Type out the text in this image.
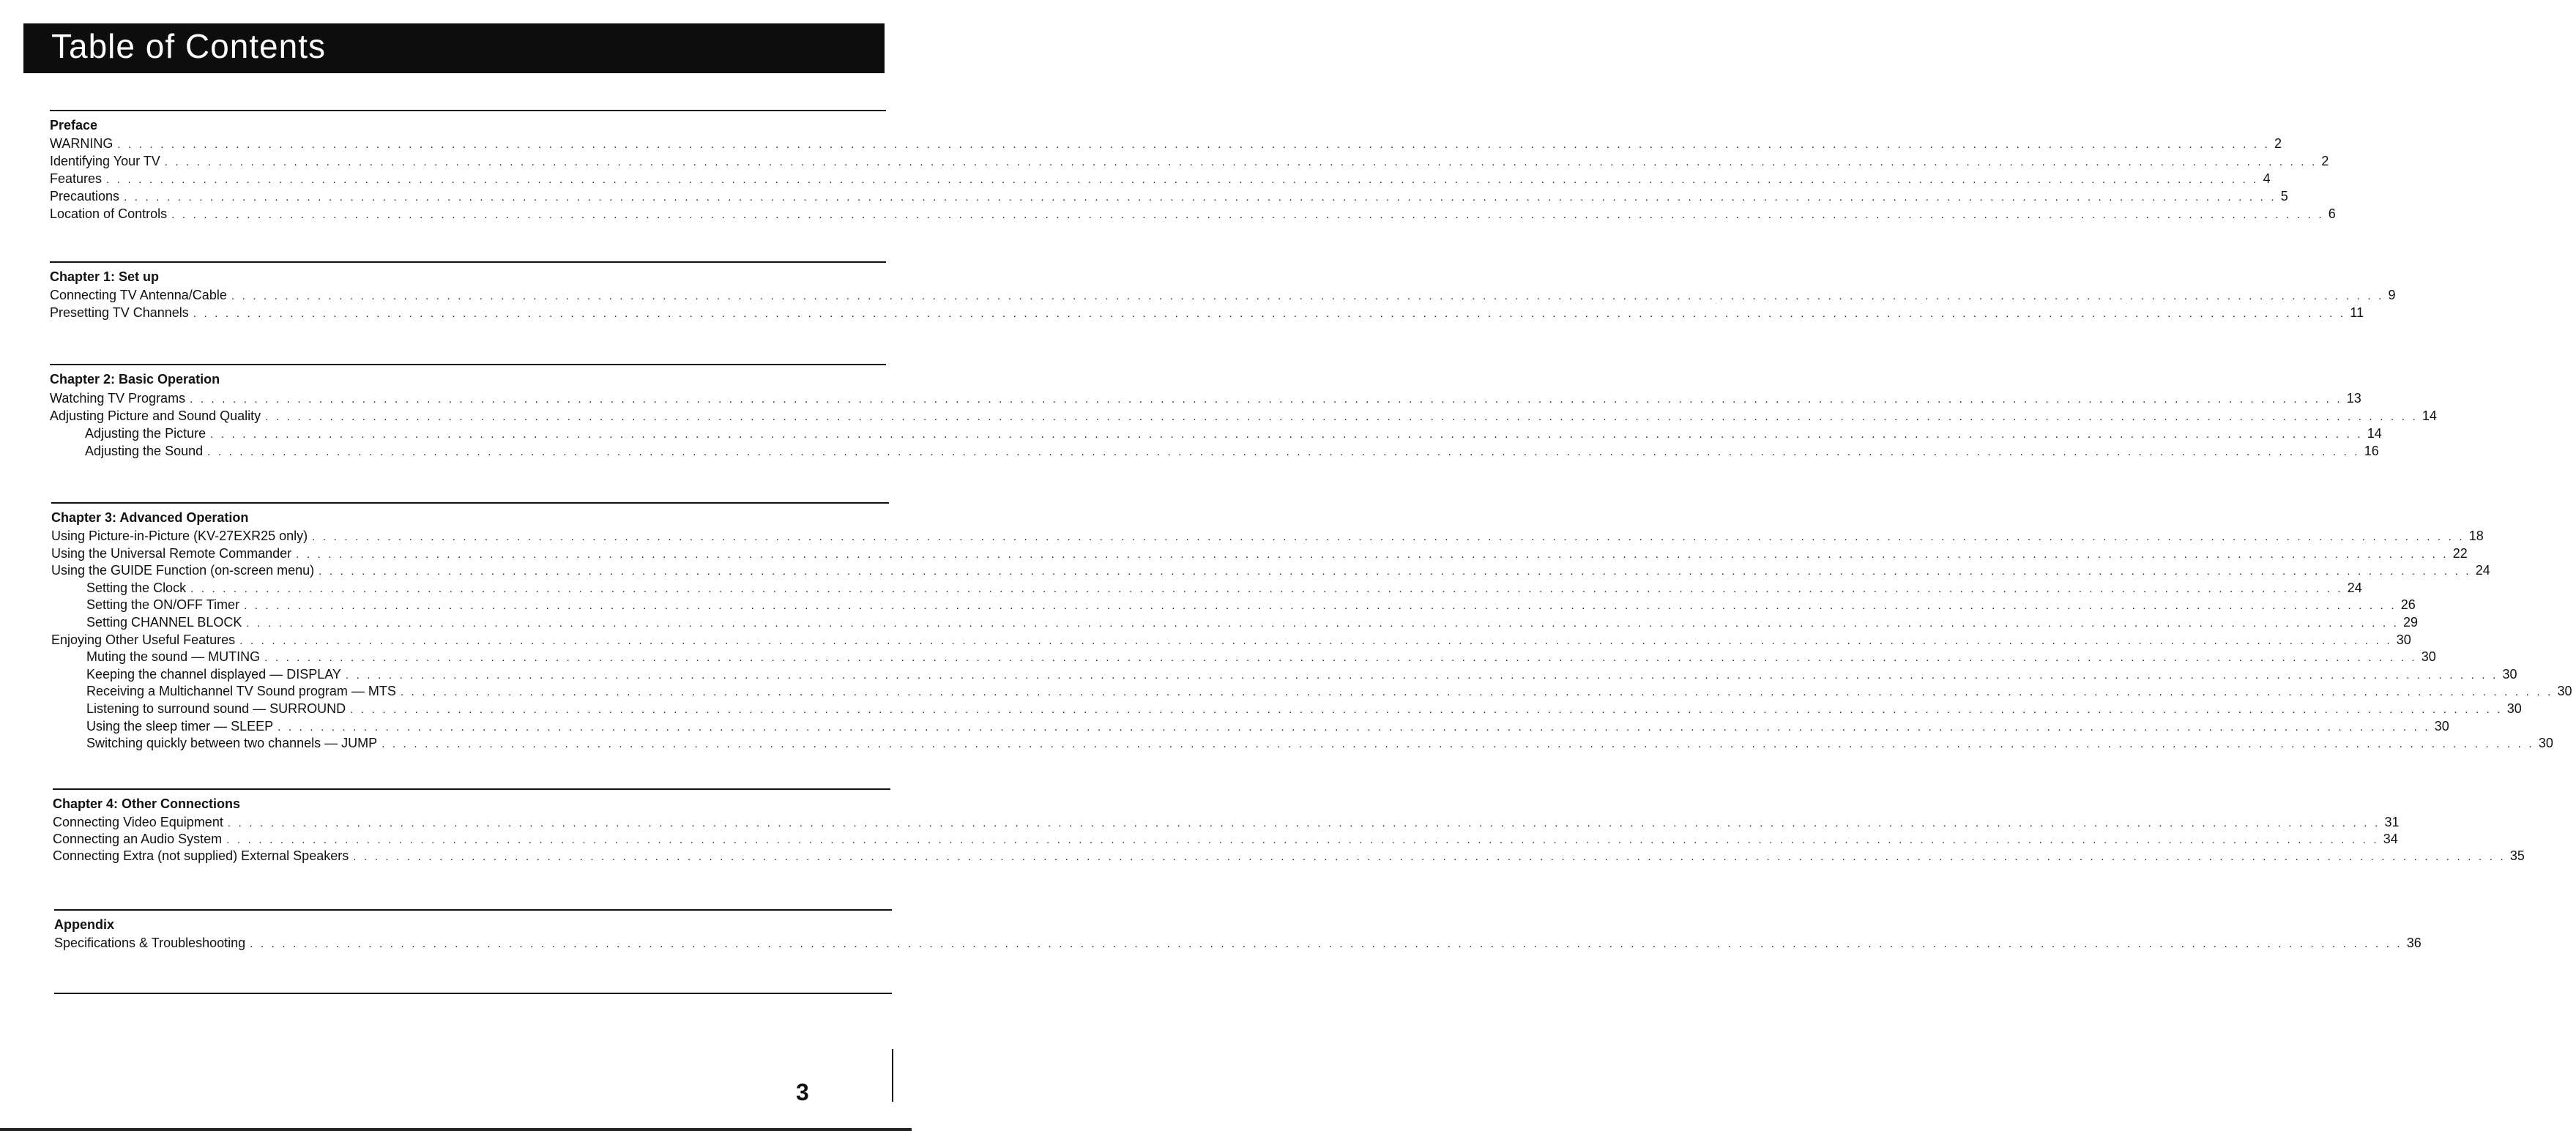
Table of Contents
Preface
WARNING . . . . . . . . . . . . . . . . . . . . . . . . . . . . . . . . . . . . . . . . . . . . . . . . . . . . . . . . . . . . . . . . . . . . . . . . . . . . . . . . . . . . . . . . . . . . . . . . . . . . . . . . . . . . . . . . . . . . . . . . . . . . . . . . . . . . . . . . . . . . . . . . . . . . . . . . . . . . . . . . . . . . . . . . . . . . . . . . . . . . . . . . . . . . . . . . . . . . . . . . 2
Identifying Your TV . . . . . . . . . . . . . . . . . . . . . . . . . . . . . . . . . . . . . . . . . . . . . . . . . . . . . . . . . . . . . . . . . . . . . . . . . . . . . . . . . . . . . . . . . . . . . . . . . . . . . . . . . . . . . . . . . . . . . . . . . . . . . . . . . . . . . . . . . . . . . . . . . . . . . . . . . . . . . . . . . . . . . . . . . . . . . . . . . . . . . . . . . . . . . . . . . . . . . . . . 2
Features . . . . . . . . . . . . . . . . . . . . . . . . . . . . . . . . . . . . . . . . . . . . . . . . . . . . . . . . . . . . . . . . . . . . . . . . . . . . . . . . . . . . . . . . . . . . . . . . . . . . . . . . . . . . . . . . . . . . . . . . . . . . . . . . . . . . . . . . . . . . . . . . . . . . . . . . . . . . . . . . . . . . . . . . . . . . . . . . . . . . . . . . . . . . . . . . . . . . . . . . 4
Precautions . . . . . . . . . . . . . . . . . . . . . . . . . . . . . . . . . . . . . . . . . . . . . . . . . . . . . . . . . . . . . . . . . . . . . . . . . . . . . . . . . . . . . . . . . . . . . . . . . . . . . . . . . . . . . . . . . . . . . . . . . . . . . . . . . . . . . . . . . . . . . . . . . . . . . . . . . . . . . . . . . . . . . . . . . . . . . . . . . . . . . . . . . . . . . . . . . . . . . . . . 5
Location of Controls . . . . . . . . . . . . . . . . . . . . . . . . . . . . . . . . . . . . . . . . . . . . . . . . . . . . . . . . . . . . . . . . . . . . . . . . . . . . . . . . . . . . . . . . . . . . . . . . . . . . . . . . . . . . . . . . . . . . . . . . . . . . . . . . . . . . . . . . . . . . . . . . . . . . . . . . . . . . . . . . . . . . . . . . . . . . . . . . . . . . . . . . . . . . . . . . . . . . . . . . 6
Chapter 1: Set up
Connecting TV Antenna/Cable . . . . . . . . . . . . . . . . . . . . . . . . . . . . . . . . . . . . . . . . . . . . . . . . . . . . . . . . . . . . . . . . . . . . . . . . . . . . . . . . . . . . . . . . . . . . . . . . . . . . . . . . . . . . . . . . . . . . . . . . . . . . . . . . . . . . . . . . . . . . . . . . . . . . . . . . . . . . . . . . . . . . . . . . . . . . . . . . . . . . . . . . . . . . . . . . . . . . . . . . 9
Presetting TV Channels . . . . . . . . . . . . . . . . . . . . . . . . . . . . . . . . . . . . . . . . . . . . . . . . . . . . . . . . . . . . . . . . . . . . . . . . . . . . . . . . . . . . . . . . . . . . . . . . . . . . . . . . . . . . . . . . . . . . . . . . . . . . . . . . . . . . . . . . . . . . . . . . . . . . . . . . . . . . . . . . . . . . . . . . . . . . . . . . . . . . . . . . . . . . . . . . . . . . . . . . 11
Chapter 2: Basic Operation
Watching TV Programs . . . . . . . . . . . . . . . . . . . . . . . . . . . . . . . . . . . . . . . . . . . . . . . . . . . . . . . . . . . . . . . . . . . . . . . . . . . . . . . . . . . . . . . . . . . . . . . . . . . . . . . . . . . . . . . . . . . . . . . . . . . . . . . . . . . . . . . . . . . . . . . . . . . . . . . . . . . . . . . . . . . . . . . . . . . . . . . . . . . . . . . . . . . . . . . . . . . . . . . . 13
Adjusting Picture and Sound Quality . . . . . . . . . . . . . . . . . . . . . . . . . . . . . . . . . . . . . . . . . . . . . . . . . . . . . . . . . . . . . . . . . . . . . . . . . . . . . . . . . . . . . . . . . . . . . . . . . . . . . . . . . . . . . . . . . . . . . . . . . . . . . . . . . . . . . . . . . . . . . . . . . . . . . . . . . . . . . . . . . . . . . . . . . . . . . . . . . . . . . . . . . . . . . . . . . . . . . . . . 14
Adjusting the Picture . . . . . . . . . . . . . . . . . . . . . . . . . . . . . . . . . . . . . . . . . . . . . . . . . . . . . . . . . . . . . . . . . . . . . . . . . . . . . . . . . . . . . . . . . . . . . . . . . . . . . . . . . . . . . . . . . . . . . . . . . . . . . . . . . . . . . . . . . . . . . . . . . . . . . . . . . . . . . . . . . . . . . . . . . . . . . . . . . . . . . . . . . . . . . . . . . . . . . . . . 14
Adjusting the Sound . . . . . . . . . . . . . . . . . . . . . . . . . . . . . . . . . . . . . . . . . . . . . . . . . . . . . . . . . . . . . . . . . . . . . . . . . . . . . . . . . . . . . . . . . . . . . . . . . . . . . . . . . . . . . . . . . . . . . . . . . . . . . . . . . . . . . . . . . . . . . . . . . . . . . . . . . . . . . . . . . . . . . . . . . . . . . . . . . . . . . . . . . . . . . . . . . . . . . . . . 16
Chapter 3: Advanced Operation
Using Picture-in-Picture (KV-27EXR25 only) . . . . . . . . . . . . . . . . . . . . . . . . . . . . . . . . . . . . . . . . . . . . . . . . . . . . . . . . . . . . . . . . . . . . . . . . . . . . . . . . . . . . . . . . . . . . . . . . . . . . . . . . . . . . . . . . . . . . . . . . . . . . . . . . . . . . . . . . . . . . . . . . . . . . . . . . . . . . . . . . . . . . . . . . . . . . . . . . . . . . . . . . . . . . . . . . . . . . . . . . 18
Using the Universal Remote Commander . . . . . . . . . . . . . . . . . . . . . . . . . . . . . . . . . . . . . . . . . . . . . . . . . . . . . . . . . . . . . . . . . . . . . . . . . . . . . . . . . . . . . . . . . . . . . . . . . . . . . . . . . . . . . . . . . . . . . . . . . . . . . . . . . . . . . . . . . . . . . . . . . . . . . . . . . . . . . . . . . . . . . . . . . . . . . . . . . . . . . . . . . . . . . . . . . . . . . . . . 22
Using the GUIDE Function (on-screen menu) . . . . . . . . . . . . . . . . . . . . . . . . . . . . . . . . . . . . . . . . . . . . . . . . . . . . . . . . . . . . . . . . . . . . . . . . . . . . . . . . . . . . . . . . . . . . . . . . . . . . . . . . . . . . . . . . . . . . . . . . . . . . . . . . . . . . . . . . . . . . . . . . . . . . . . . . . . . . . . . . . . . . . . . . . . . . . . . . . . . . . . . . . . . . . . . . . . . . . . . . 24
Setting the Clock . . . . . . . . . . . . . . . . . . . . . . . . . . . . . . . . . . . . . . . . . . . . . . . . . . . . . . . . . . . . . . . . . . . . . . . . . . . . . . . . . . . . . . . . . . . . . . . . . . . . . . . . . . . . . . . . . . . . . . . . . . . . . . . . . . . . . . . . . . . . . . . . . . . . . . . . . . . . . . . . . . . . . . . . . . . . . . . . . . . . . . . . . . . . . . . . . . . . . . . . 24
Setting the ON/OFF Timer . . . . . . . . . . . . . . . . . . . . . . . . . . . . . . . . . . . . . . . . . . . . . . . . . . . . . . . . . . . . . . . . . . . . . . . . . . . . . . . . . . . . . . . . . . . . . . . . . . . . . . . . . . . . . . . . . . . . . . . . . . . . . . . . . . . . . . . . . . . . . . . . . . . . . . . . . . . . . . . . . . . . . . . . . . . . . . . . . . . . . . . . . . . . . . . . . . . . . . . . 26
Setting CHANNEL BLOCK . . . . . . . . . . . . . . . . . . . . . . . . . . . . . . . . . . . . . . . . . . . . . . . . . . . . . . . . . . . . . . . . . . . . . . . . . . . . . . . . . . . . . . . . . . . . . . . . . . . . . . . . . . . . . . . . . . . . . . . . . . . . . . . . . . . . . . . . . . . . . . . . . . . . . . . . . . . . . . . . . . . . . . . . . . . . . . . . . . . . . . . . . . . . . . . . . . . . . . . . 29
Enjoying Other Useful Features . . . . . . . . . . . . . . . . . . . . . . . . . . . . . . . . . . . . . . . . . . . . . . . . . . . . . . . . . . . . . . . . . . . . . . . . . . . . . . . . . . . . . . . . . . . . . . . . . . . . . . . . . . . . . . . . . . . . . . . . . . . . . . . . . . . . . . . . . . . . . . . . . . . . . . . . . . . . . . . . . . . . . . . . . . . . . . . . . . . . . . . . . . . . . . . . . . . . . . . . 30
Muting the sound — MUTING . . . . . . . . . . . . . . . . . . . . . . . . . . . . . . . . . . . . . . . . . . . . . . . . . . . . . . . . . . . . . . . . . . . . . . . . . . . . . . . . . . . . . . . . . . . . . . . . . . . . . . . . . . . . . . . . . . . . . . . . . . . . . . . . . . . . . . . . . . . . . . . . . . . . . . . . . . . . . . . . . . . . . . . . . . . . . . . . . . . . . . . . . . . . . . . . . . . . . . . . 30
Keeping the channel displayed — DISPLAY . . . . . . . . . . . . . . . . . . . . . . . . . . . . . . . . . . . . . . . . . . . . . . . . . . . . . . . . . . . . . . . . . . . . . . . . . . . . . . . . . . . . . . . . . . . . . . . . . . . . . . . . . . . . . . . . . . . . . . . . . . . . . . . . . . . . . . . . . . . . . . . . . . . . . . . . . . . . . . . . . . . . . . . . . . . . . . . . . . . . . . . . . . . . . . . . . . . . . . . . 30
Receiving a Multichannel TV Sound program — MTS . . . . . . . . . . . . . . . . . . . . . . . . . . . . . . . . . . . . . . . . . . . . . . . . . . . . . . . . . . . . . . . . . . . . . . . . . . . . . . . . . . . . . . . . . . . . . . . . . . . . . . . . . . . . . . . . . . . . . . . . . . . . . . . . . . . . . . . . . . . . . . . . . . . . . . . . . . . . . . . . . . . . . . . . . . . . . . . . . . . . . . . . . . . . . . . . . . . . . . . . 30
Listening to surround sound — SURROUND . . . . . . . . . . . . . . . . . . . . . . . . . . . . . . . . . . . . . . . . . . . . . . . . . . . . . . . . . . . . . . . . . . . . . . . . . . . . . . . . . . . . . . . . . . . . . . . . . . . . . . . . . . . . . . . . . . . . . . . . . . . . . . . . . . . . . . . . . . . . . . . . . . . . . . . . . . . . . . . . . . . . . . . . . . . . . . . . . . . . . . . . . . . . . . . . . . . . . . . . 30
Using the sleep timer — SLEEP . . . . . . . . . . . . . . . . . . . . . . . . . . . . . . . . . . . . . . . . . . . . . . . . . . . . . . . . . . . . . . . . . . . . . . . . . . . . . . . . . . . . . . . . . . . . . . . . . . . . . . . . . . . . . . . . . . . . . . . . . . . . . . . . . . . . . . . . . . . . . . . . . . . . . . . . . . . . . . . . . . . . . . . . . . . . . . . . . . . . . . . . . . . . . . . . . . . . . . . . 30
Switching quickly between two channels — JUMP . . . . . . . . . . . . . . . . . . . . . . . . . . . . . . . . . . . . . . . . . . . . . . . . . . . . . . . . . . . . . . . . . . . . . . . . . . . . . . . . . . . . . . . . . . . . . . . . . . . . . . . . . . . . . . . . . . . . . . . . . . . . . . . . . . . . . . . . . . . . . . . . . . . . . . . . . . . . . . . . . . . . . . . . . . . . . . . . . . . . . . . . . . . . . . . . . . . . . . . . 30
Chapter 4: Other Connections
Connecting Video Equipment . . . . . . . . . . . . . . . . . . . . . . . . . . . . . . . . . . . . . . . . . . . . . . . . . . . . . . . . . . . . . . . . . . . . . . . . . . . . . . . . . . . . . . . . . . . . . . . . . . . . . . . . . . . . . . . . . . . . . . . . . . . . . . . . . . . . . . . . . . . . . . . . . . . . . . . . . . . . . . . . . . . . . . . . . . . . . . . . . . . . . . . . . . . . . . . . . . . . . . . . 31
Connecting an Audio System . . . . . . . . . . . . . . . . . . . . . . . . . . . . . . . . . . . . . . . . . . . . . . . . . . . . . . . . . . . . . . . . . . . . . . . . . . . . . . . . . . . . . . . . . . . . . . . . . . . . . . . . . . . . . . . . . . . . . . . . . . . . . . . . . . . . . . . . . . . . . . . . . . . . . . . . . . . . . . . . . . . . . . . . . . . . . . . . . . . . . . . . . . . . . . . . . . . . . . . . 34
Connecting Extra (not supplied) External Speakers . . . . . . . . . . . . . . . . . . . . . . . . . . . . . . . . . . . . . . . . . . . . . . . . . . . . . . . . . . . . . . . . . . . . . . . . . . . . . . . . . . . . . . . . . . . . . . . . . . . . . . . . . . . . . . . . . . . . . . . . . . . . . . . . . . . . . . . . . . . . . . . . . . . . . . . . . . . . . . . . . . . . . . . . . . . . . . . . . . . . . . . . . . . . . . . . . . . . . . . . 35
Appendix
Specifications & Troubleshooting . . . . . . . . . . . . . . . . . . . . . . . . . . . . . . . . . . . . . . . . . . . . . . . . . . . . . . . . . . . . . . . . . . . . . . . . . . . . . . . . . . . . . . . . . . . . . . . . . . . . . . . . . . . . . . . . . . . . . . . . . . . . . . . . . . . . . . . . . . . . . . . . . . . . . . . . . . . . . . . . . . . . . . . . . . . . . . . . . . . . . . . . . . . . . . . . . . . . . . . . 36
3
